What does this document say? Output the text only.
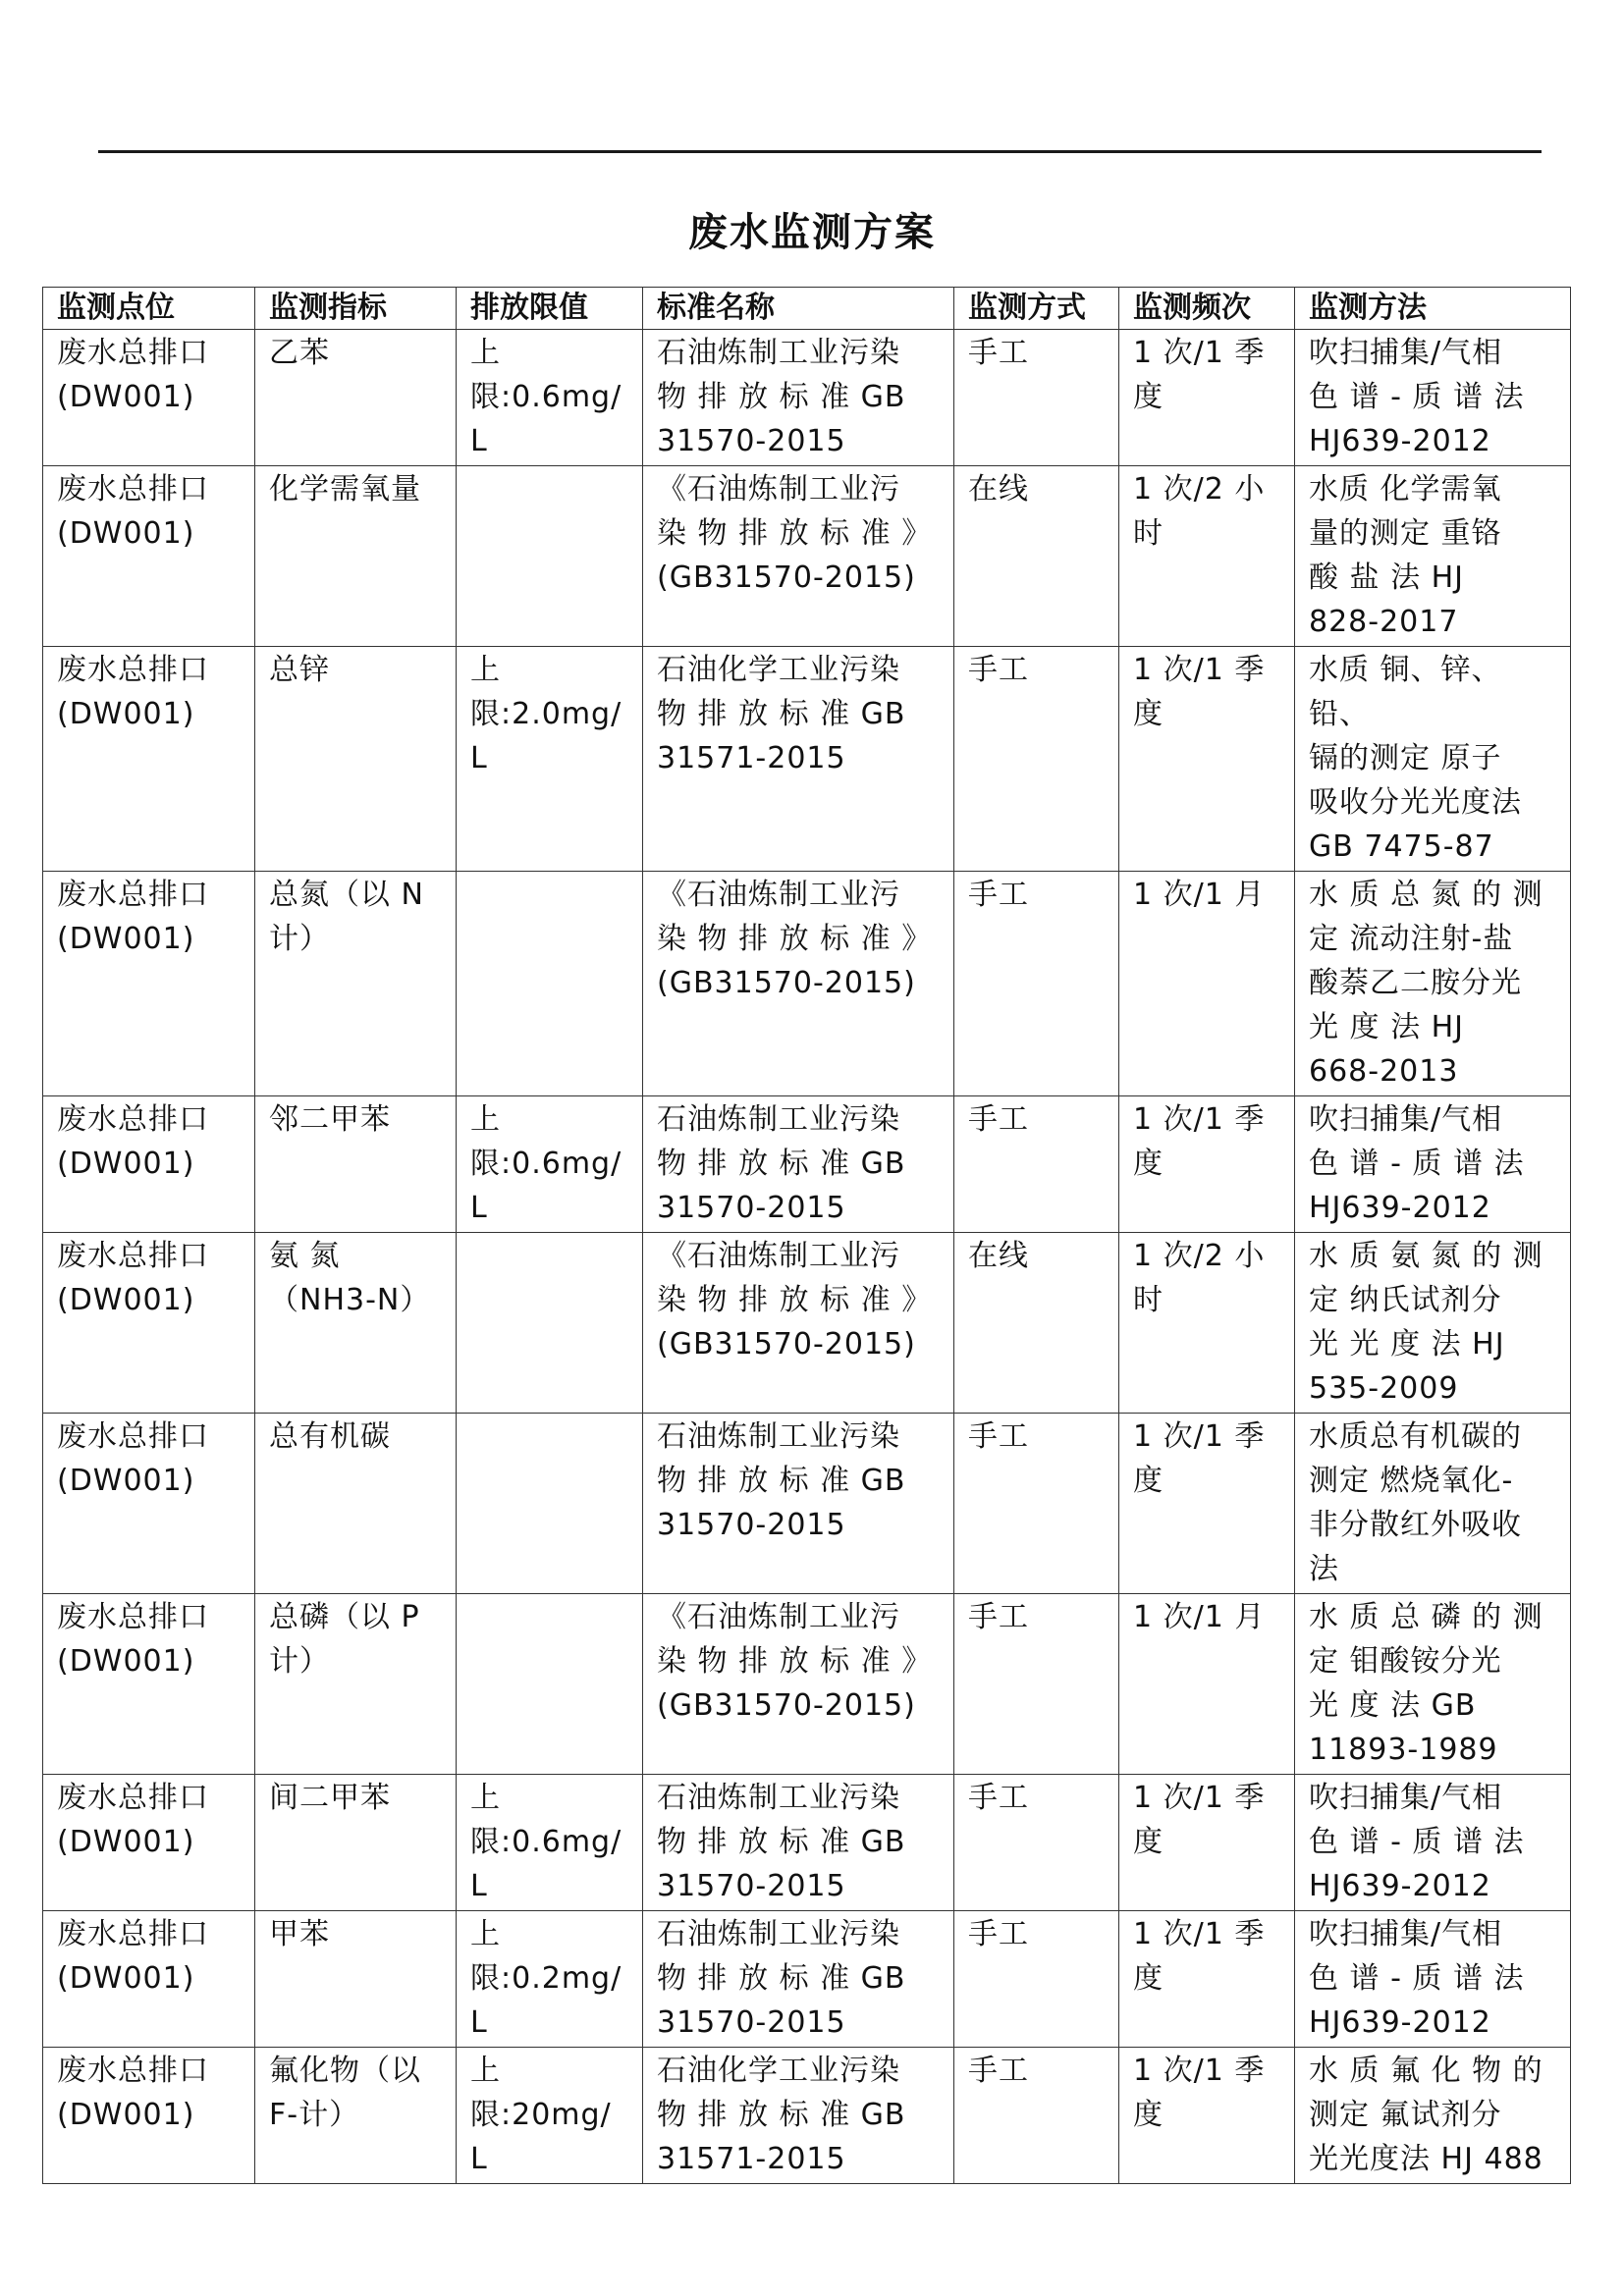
废水监测方案
监测点位	监测指标	排放限值	标准名称	监测方式	监测频次	监测方法

废水总排口
(DW001)	乙苯	上
限:0.6mg/L	石油炼制工业污染
物 排 放 标 准 GB
31570-2015	手工	1 次/1 季
度	吹扫捕集/气相
色 谱 - 质 谱 法
HJ639-2012

废水总排口
(DW001)	化学需氧量		《石油炼制工业污
染 物 排 放 标 准 》
(GB31570-2015)	在线	1 次/2 小
时	水质 化学需氧
量的测定 重铬
酸 盐 法 HJ
828-2017

废水总排口
(DW001)	总锌	上
限:2.0mg/L	石油化学工业污染
物 排 放 标 准 GB
31571-2015	手工	1 次/1 季
度	水质 铜、锌、铅、
镉的测定 原子
吸收分光光度法
GB 7475-87

废水总排口
(DW001)	总氮（以 N
计）		《石油炼制工业污
染 物 排 放 标 准 》
(GB31570-2015)	手工	1 次/1 月	水 质 总 氮 的 测
定 流动注射-盐
酸萘乙二胺分光
光 度 法 HJ
668-2013

废水总排口
(DW001)	邻二甲苯	上
限:0.6mg/L	石油炼制工业污染
物 排 放 标 准 GB
31570-2015	手工	1 次/1 季
度	吹扫捕集/气相
色 谱 - 质 谱 法
HJ639-2012

废水总排口
(DW001)	氨 氮
（NH3-N）		《石油炼制工业污
染 物 排 放 标 准 》
(GB31570-2015)	在线	1 次/2 小
时	水 质 氨 氮 的 测
定 纳氏试剂分
光 光 度 法 HJ
535-2009

废水总排口
(DW001)	总有机碳		石油炼制工业污染
物 排 放 标 准 GB
31570-2015	手工	1 次/1 季
度	水质总有机碳的
测定 燃烧氧化-
非分散红外吸收
法

废水总排口
(DW001)	总磷（以 P
计）		《石油炼制工业污
染 物 排 放 标 准 》
(GB31570-2015)	手工	1 次/1 月	水 质 总 磷 的 测
定 钼酸铵分光
光 度 法 GB
11893-1989

废水总排口
(DW001)	间二甲苯	上
限:0.6mg/L	石油炼制工业污染
物 排 放 标 准 GB
31570-2015	手工	1 次/1 季
度	吹扫捕集/气相
色 谱 - 质 谱 法
HJ639-2012

废水总排口
(DW001)	甲苯	上
限:0.2mg/L	石油炼制工业污染
物 排 放 标 准 GB
31570-2015	手工	1 次/1 季
度	吹扫捕集/气相
色 谱 - 质 谱 法
HJ639-2012

废水总排口
(DW001)	氟化物（以
F-计）	上
限:20mg/L	石油化学工业污染
物 排 放 标 准 GB
31571-2015	手工	1 次/1 季
度	水 质 氟 化 物 的
测定 氟试剂分
光光度法 HJ 488
